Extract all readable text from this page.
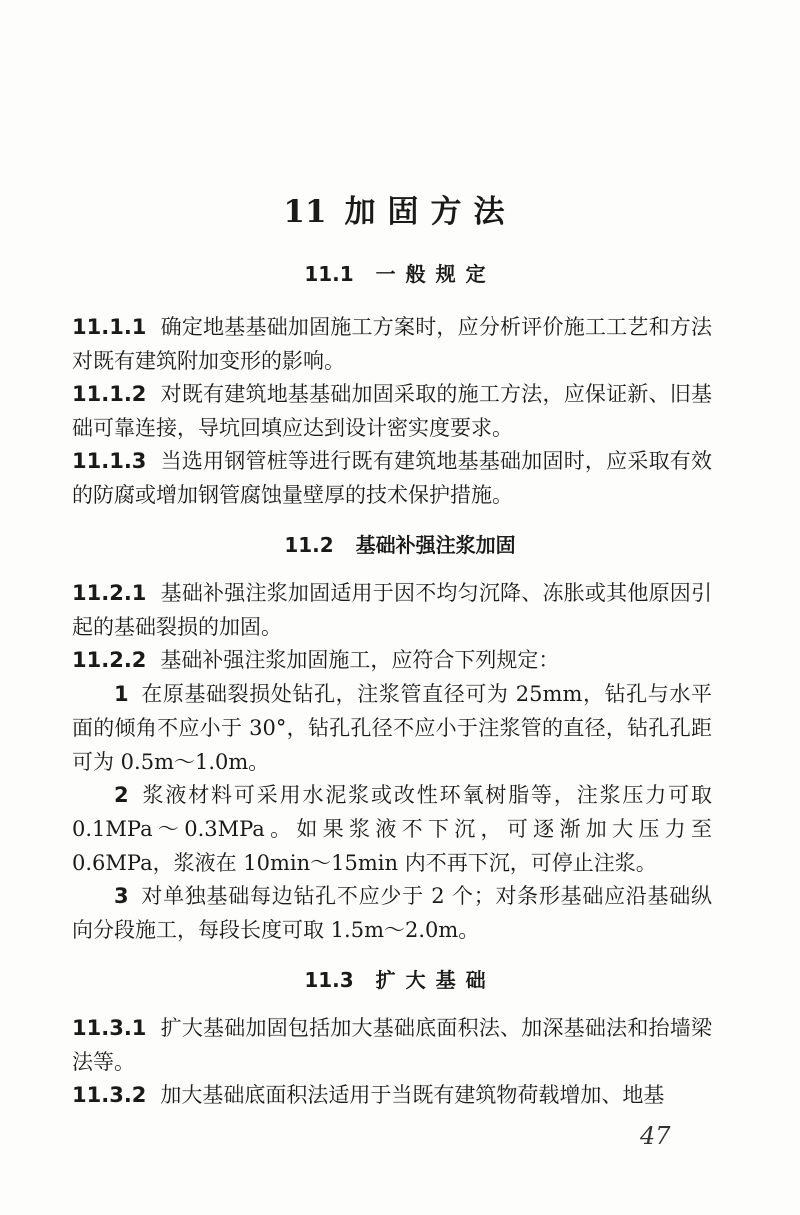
11 加固方法
11.1 一般规定

11.1.1 确定地基基础加固施工方案时，应分析评价施工工艺和方法对既有建筑附加变形的影响。

11.1.2 对既有建筑地基基础加固采取的施工方法，应保证新、旧基础可靠连接，导坑回填应达到设计密实度要求。

11.1.3 当选用钢管桩等进行既有建筑地基基础加固时，应采取有效的防腐或增加钢管腐蚀量壁厚的技术保护措施。

11.2 基础补强注浆加固

11.2.1 基础补强注浆加固适用于因不均匀沉降、冻胀或其他原因引起的基础裂损的加固。

11.2.2 基础补强注浆加固施工，应符合下列规定：

1 在原基础裂损处钻孔，注浆管直径可为 25mm，钻孔与水平面的倾角不应小于 30°，钻孔孔径不应小于注浆管的直径，钻孔孔距可为 0.5m～1.0m。

2 浆液材料可采用水泥浆或改性环氧树脂等，注浆压力可取 0.1MPa～0.3MPa。如果浆液不下沉，可逐渐加大压力至 0.6MPa，浆液在 10min～15min 内不再下沉，可停止注浆。

3 对单独基础每边钻孔不应少于 2 个；对条形基础应沿基础纵向分段施工，每段长度可取 1.5m～2.0m。

11.3 扩大基础

11.3.1 扩大基础加固包括加大基础底面积法、加深基础法和抬墙梁法等。

11.3.2 加大基础底面积法适用于当既有建筑物荷载增加、地基

47
